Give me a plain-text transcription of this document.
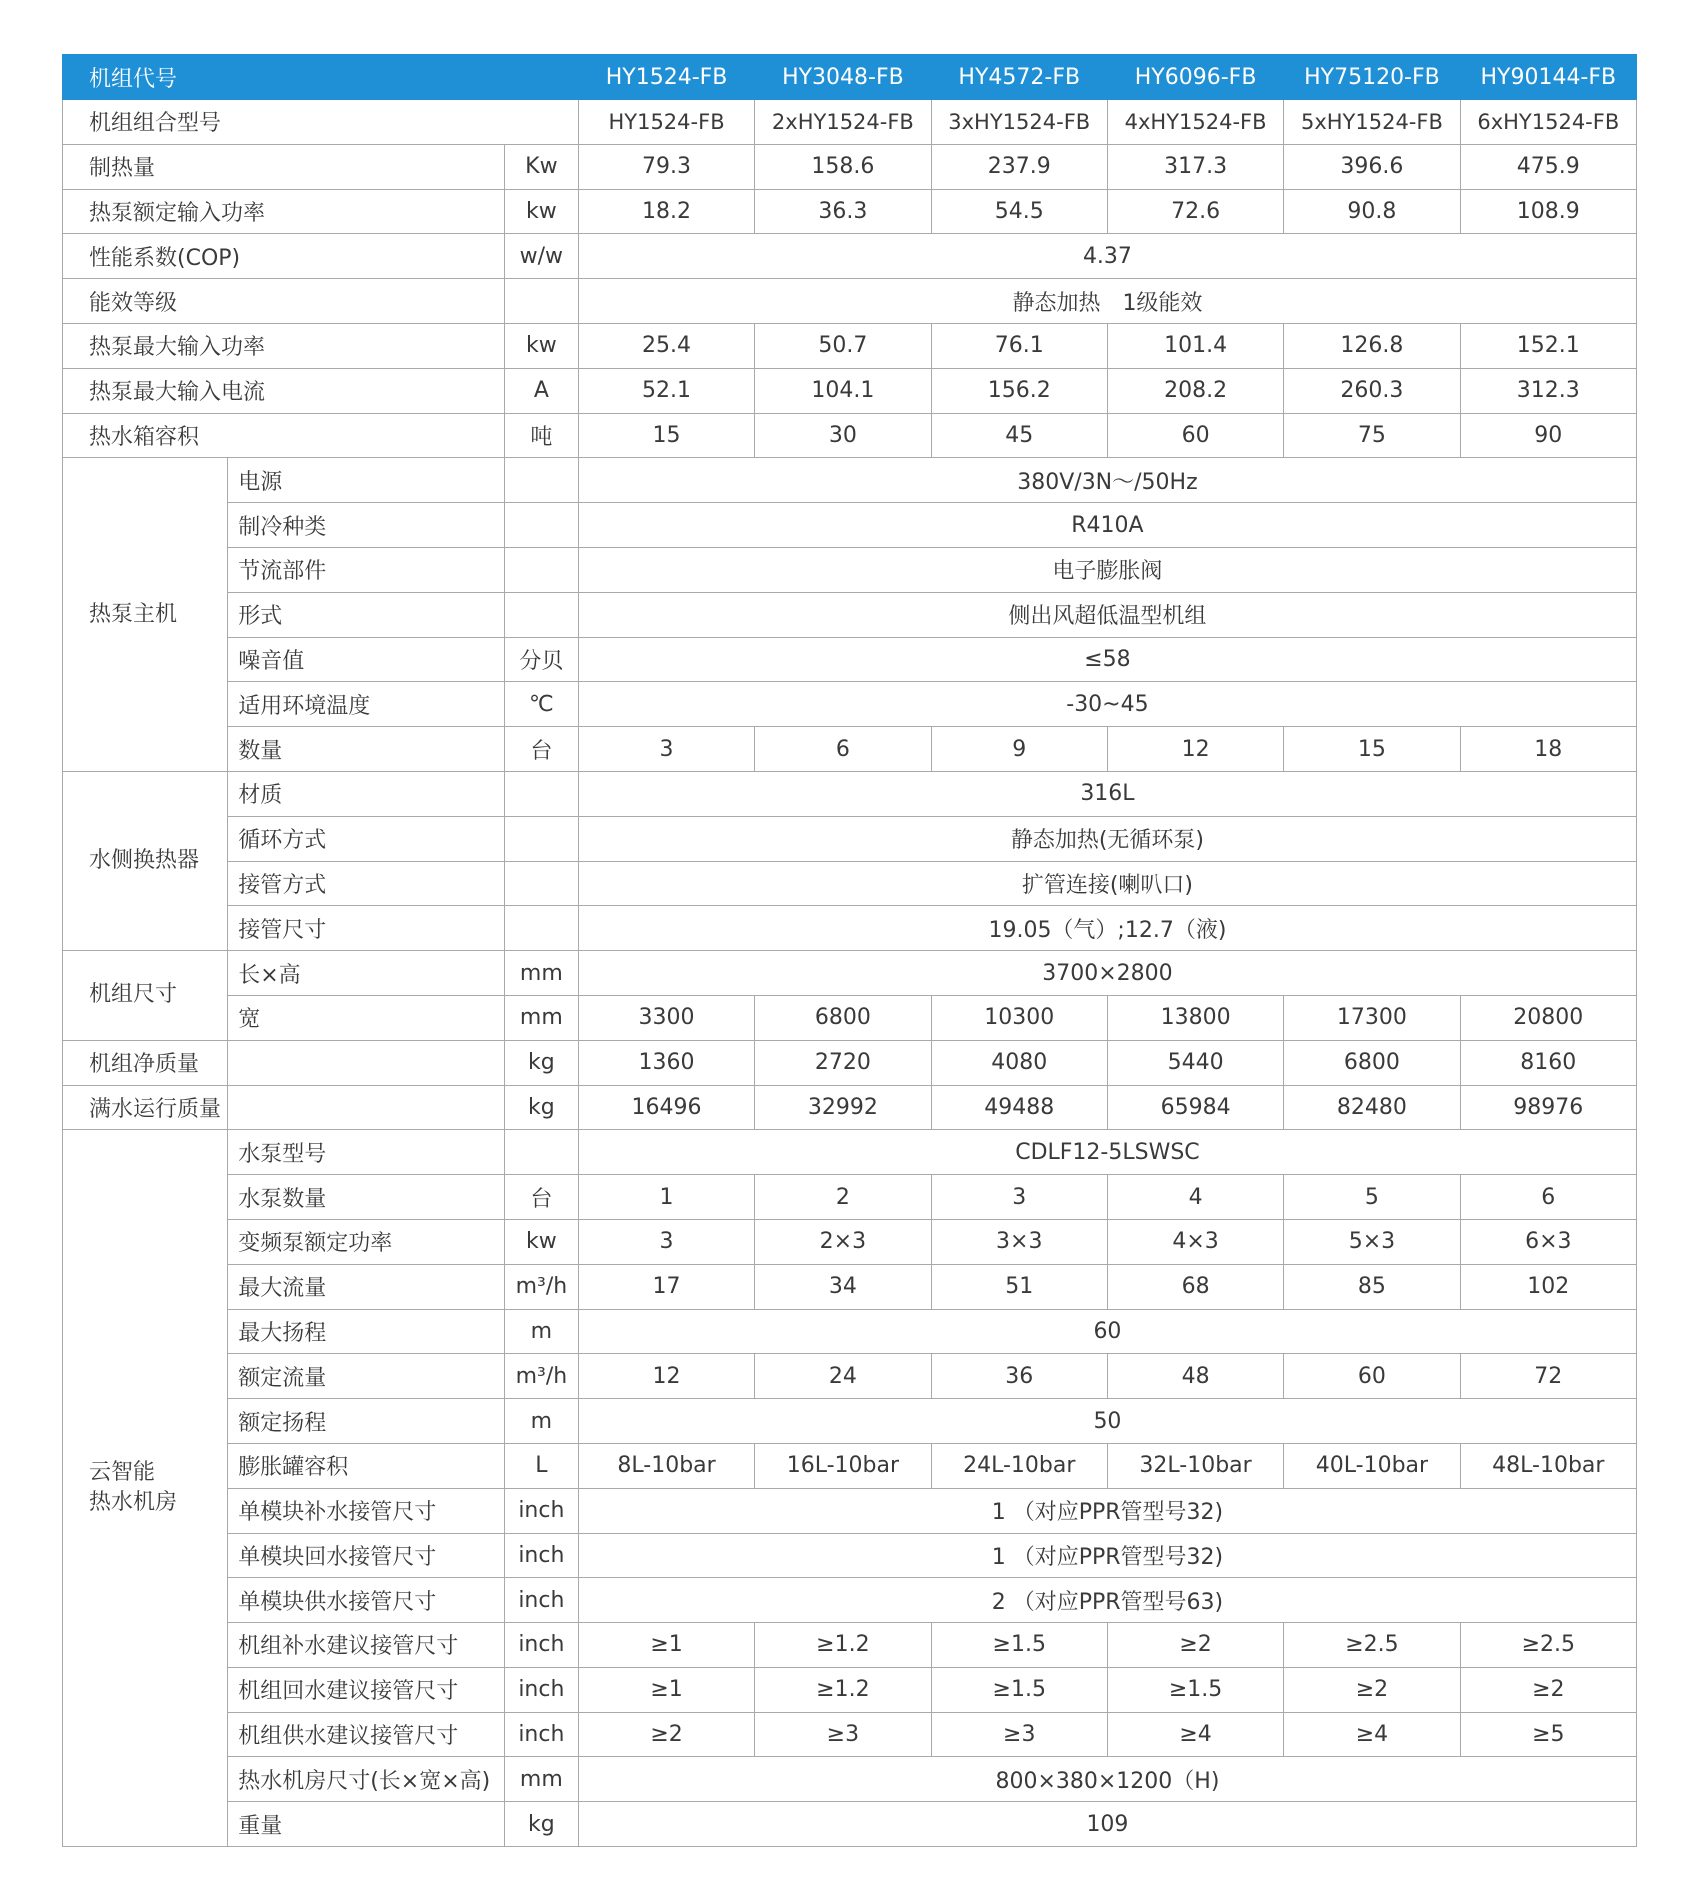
机组代号			HY1524-FB	HY3048-FB	HY4572-FB	HY6096-FB	HY75120-FB	HY90144-FB
机组组合型号			HY1524-FB	2xHY1524-FB	3xHY1524-FB	4xHY1524-FB	5xHY1524-FB	6xHY1524-FB
制热量		Kw	79.3	158.6	237.9	317.3	396.6	475.9
热泵额定输入功率		kw	18.2	36.3	54.5	72.6	90.8	108.9
性能系数(COP)		w/w	4.37					
能效等级			静态加热　1级能效					
热泵最大输入功率		kw	25.4	50.7	76.1	101.4	126.8	152.1
热泵最大输入电流		A	52.1	104.1	156.2	208.2	260.3	312.3
热水箱容积		吨	15	30	45	60	75	90
热泵主机	电源		380V/3N～/50Hz					
	制冷种类		R410A					
	节流部件		电子膨胀阀					
	形式		侧出风超低温型机组					
	噪音值	分贝	≤58					
	适用环境温度	℃	-30~45					
	数量	台	3	6	9	12	15	18
水侧换热器	材质		316L					
	循环方式		静态加热(无循环泵)					
	接管方式		扩管连接(喇叭口)					
	接管尺寸		19.05（气）;12.7（液)					
机组尺寸	长×高	mm	3700×2800					
	宽	mm	3300	6800	10300	13800	17300	20800
机组净质量		kg	1360	2720	4080	5440	6800	8160
满水运行质量		kg	16496	32992	49488	65984	82480	98976

云智能
热水机房	水泵型号		CDLF12-5LSWSC					
	水泵数量	台	1	2	3	4	5	6
	变频泵额定功率	kw	3	2×3	3×3	4×3	5×3	6×3
	最大流量	m³/h	17	34	51	68	85	102
	最大扬程	m	60					
	额定流量	m³/h	12	24	36	48	60	72
	额定扬程	m	50					
	膨胀罐容积	L	8L-10bar	16L-10bar	24L-10bar	32L-10bar	40L-10bar	48L-10bar
	单模块补水接管尺寸	inch	1 （对应PPR管型号32)					
	单模块回水接管尺寸	inch	1 （对应PPR管型号32)					
	单模块供水接管尺寸	inch	2 （对应PPR管型号63)					
	机组补水建议接管尺寸	inch	≥1	≥1.2	≥1.5	≥2	≥2.5	≥2.5
	机组回水建议接管尺寸	inch	≥1	≥1.2	≥1.5	≥1.5	≥2	≥2
	机组供水建议接管尺寸	inch	≥2	≥3	≥3	≥4	≥4	≥5
	热水机房尺寸(长×宽×高)	mm	800×380×1200（H)					
	重量	kg	109					
